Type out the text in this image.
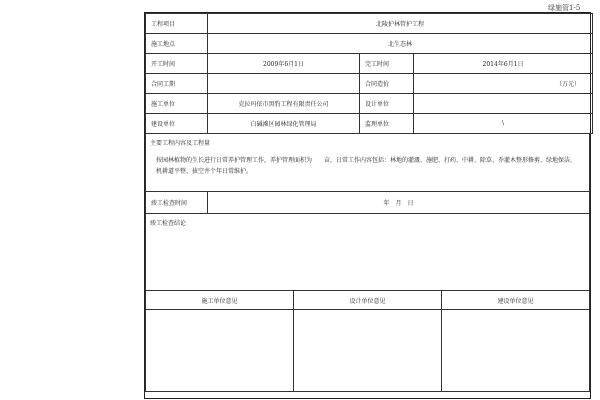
绿施管1-5
工程项目	北陵护林管护工程		
施工地点	北生态林		
开工时间	2009年6月1日	完工时间	2014年6月1日
合同工期		合同造价	（万元）
施工单位	克拉玛依市黑豹工程有限责任公司	设计单位	
建设单位	白碱滩区园林绿化管理局	监理单位	\
主要工程内容及工程量
按园林植物的生长进行日常养护管理工作，养护管理面积为　　亩，日常工作内容包括：林地的灌溉、施肥、打药、中耕、除草、乔灌木整形修剪、绿地保洁、机耕道平整、拔空井个年日常维护。
竣工检查时间	年　月　日
竣工检查结论
施工单位意见	设计单位意见	建设单位意见
